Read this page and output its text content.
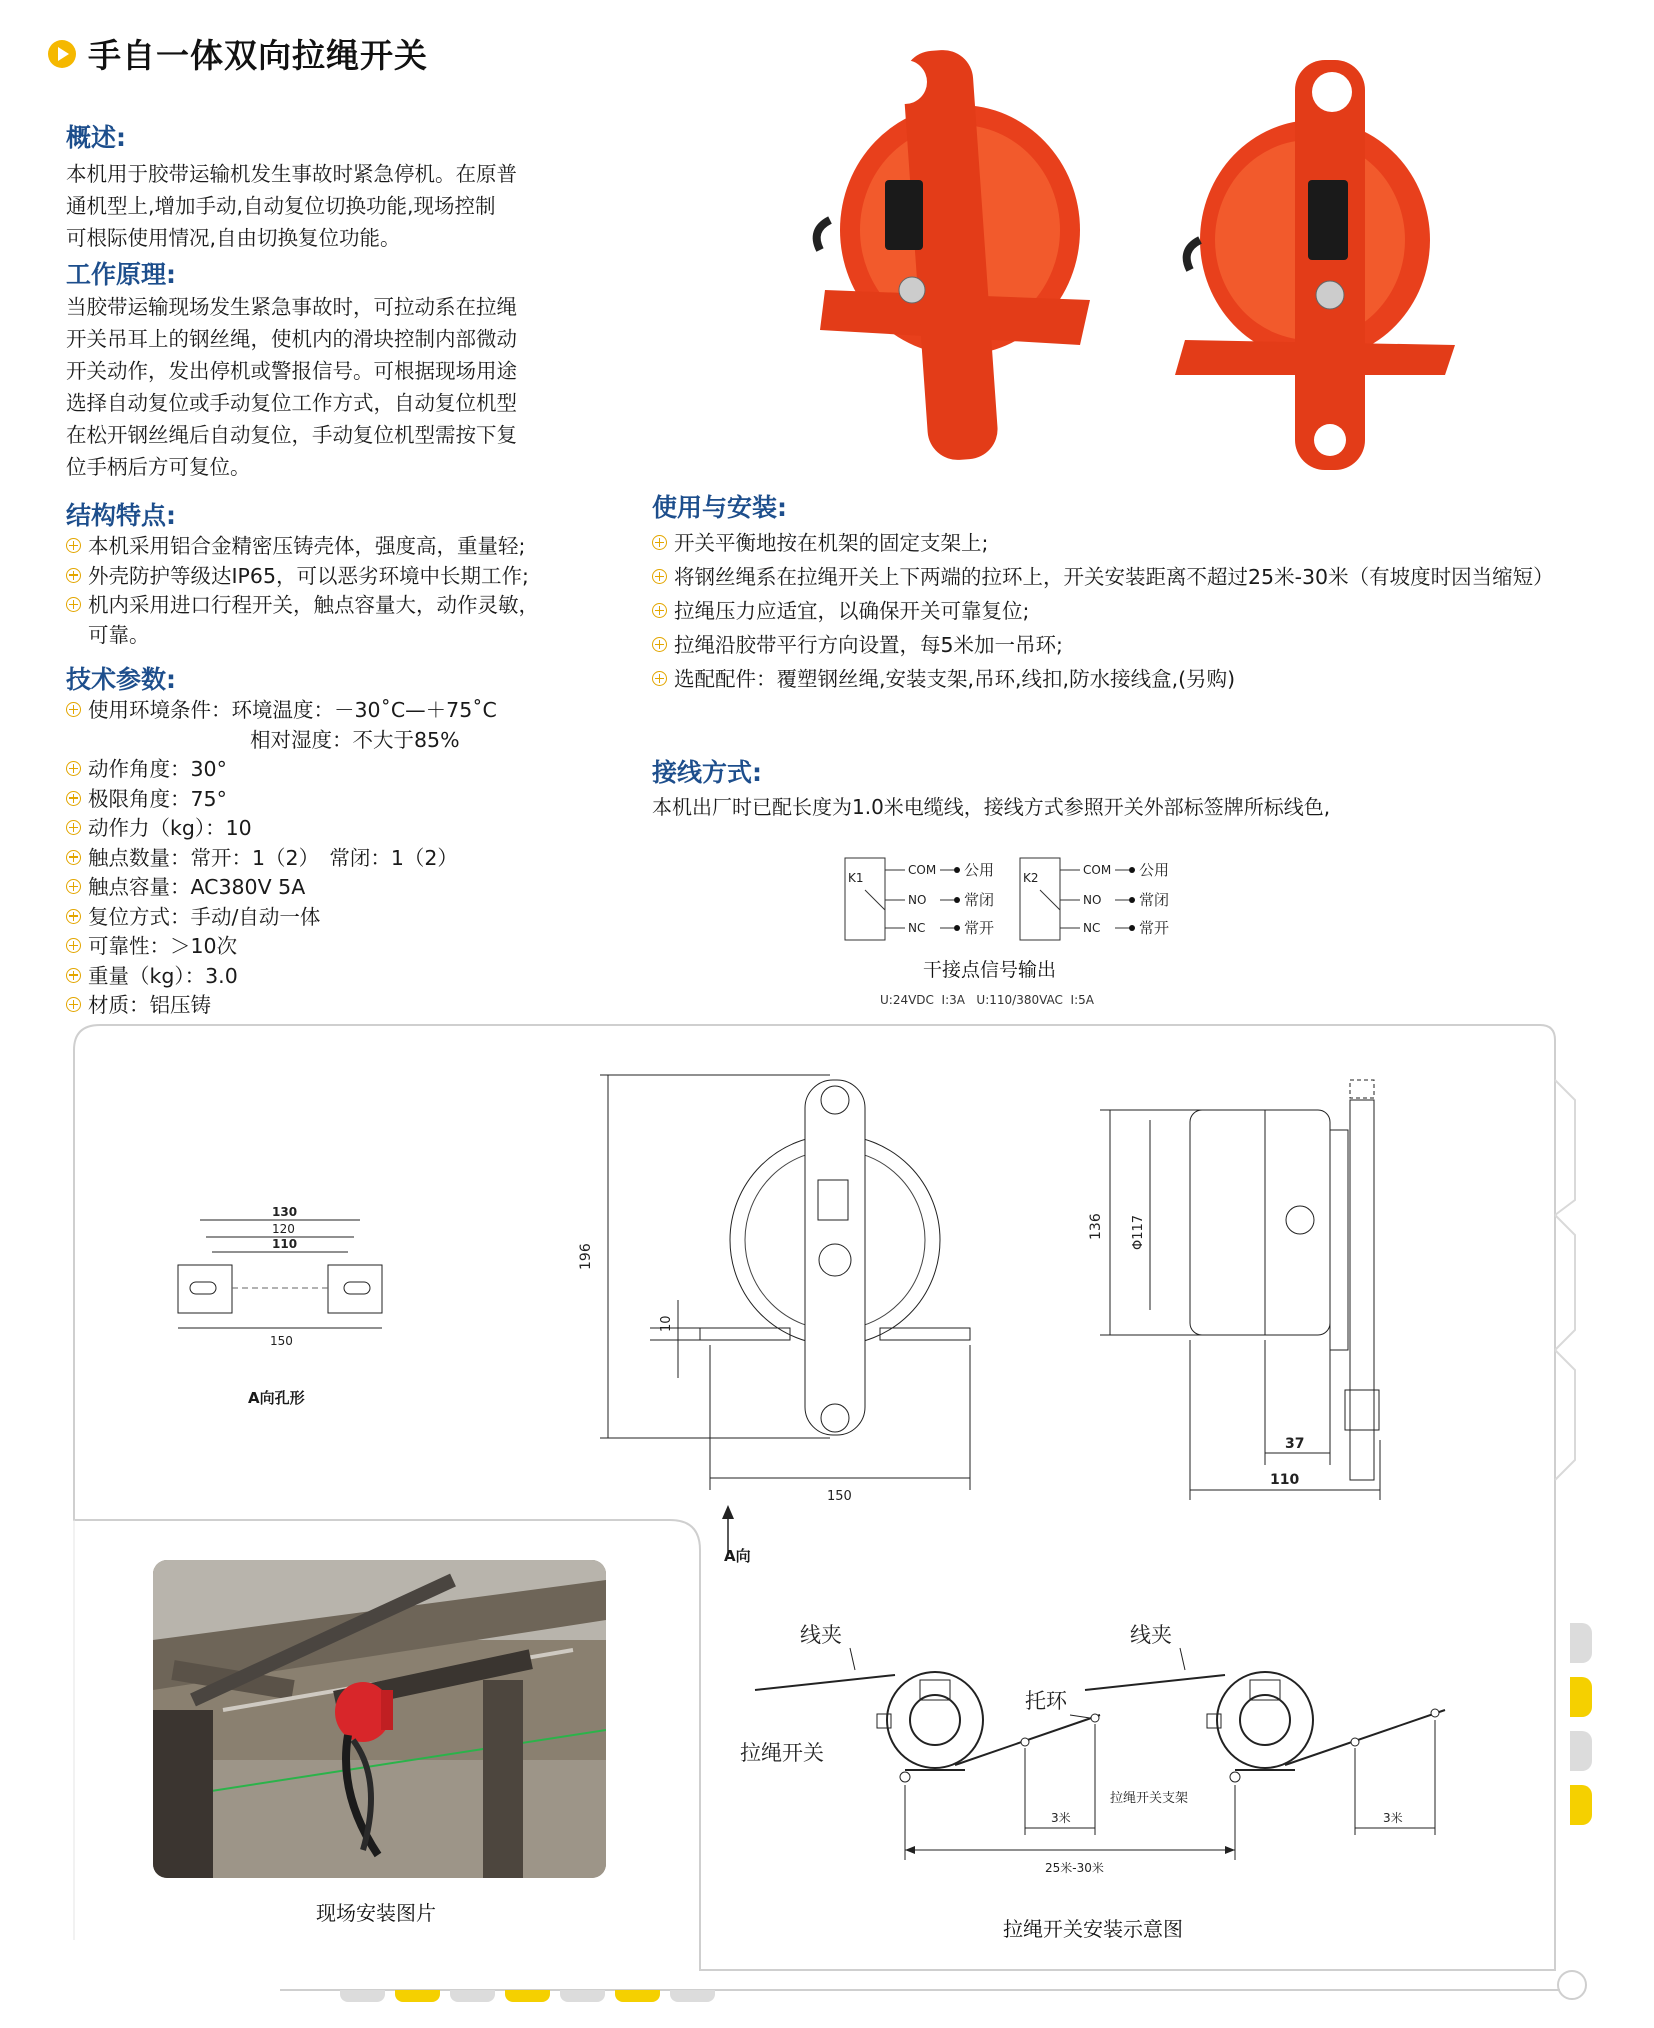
手自一体双向拉绳开关
概述:
本机用于胶带运输机发生事故时紧急停机。在原普
通机型上,增加手动,自动复位切换功能,现场控制
可根际使用情况,自由切换复位功能。
工作原理:
当胶带运输现场发生紧急事故时，可拉动系在拉绳
开关吊耳上的钢丝绳，使机内的滑块控制内部微动
开关动作，发出停机或警报信号。可根据现场用途
选择自动复位或手动复位工作方式，自动复位机型
在松开钢丝绳后自动复位，手动复位机型需按下复
位手柄后方可复位。
结构特点:
本机采用铝合金精密压铸壳体，强度高，重量轻;
外壳防护等级达IP65，可以恶劣环境中长期工作;
机内采用进口行程开关，触点容量大，动作灵敏，
可靠。
技术参数:
使用环境条件：环境温度：－30˚C—＋75˚C
相对湿度：不大于85%
动作角度：30°
极限角度：75°
动作力（kg）：10
触点数量：常开：1（2）　常闭：1（2）
触点容量：AC380V 5A
复位方式：手动/自动一体
可靠性：＞10次
重量（kg）：3.0
材质：铝压铸
使用与安装:
开关平衡地按在机架的固定支架上;
将钢丝绳系在拉绳开关上下两端的拉环上，开关安装距离不超过25米-30米（有坡度时因当缩短）
拉绳压力应适宜，以确保开关可靠复位;
拉绳沿胶带平行方向设置，每5米加一吊环;
选配配件：覆塑钢丝绳,安装支架,吊环,线扣,防水接线盒,(另购)
接线方式:
本机出厂时已配长度为1.0米电缆线，接线方式参照开关外部标签牌所标线色,
K1
COM
NO
NC
公用
常闭
常开
K2
COM
NO
NC
公用
常闭
常开
干接点信号输出
U:24VDC  I:3A   U:110/380VAC  I:5A
130
120
110
150
A向孔形
196
10
150
136 Φ117
37
110
A向
现场安装图片
线夹	线夹
托环
拉绳开关
拉绳开关支架
3米	3米
25米-30米
拉绳开关安装示意图
